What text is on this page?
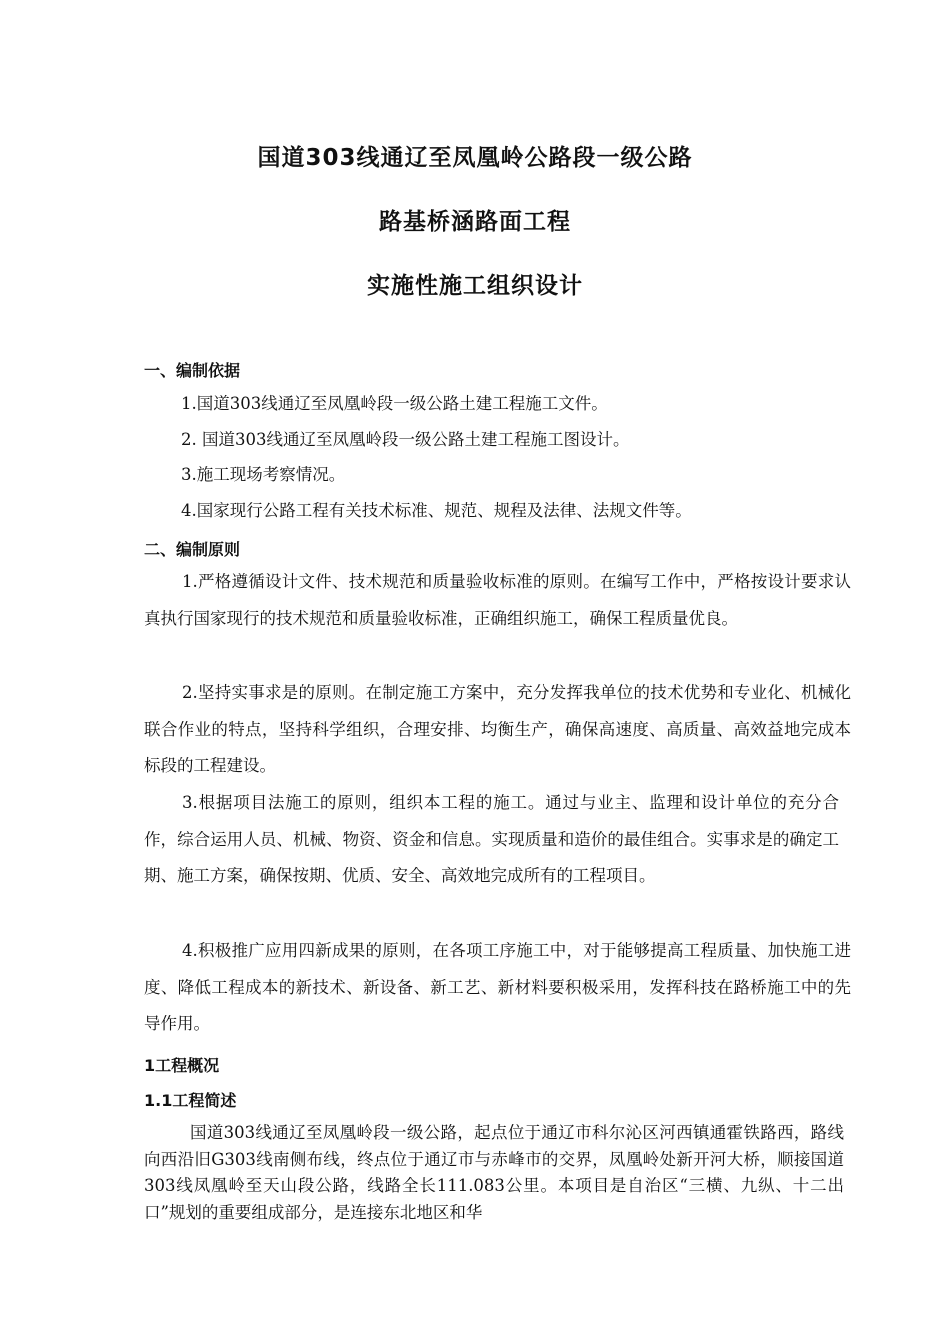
国道303线通辽至凤凰岭公路段一级公路
路基桥涵路面工程
实施性施工组织设计
一、编制依据

1.国道303线通辽至凤凰岭段一级公路土建工程施工文件。

2. 国道303线通辽至凤凰岭段一级公路土建工程施工图设计。

3.施工现场考察情况。

4.国家现行公路工程有关技术标准、规范、规程及法律、法规文件等。

二、编制原则

1.严格遵循设计文件、技术规范和质量验收标准的原则。在编写工作中，严格按设计要求认真执行国家现行的技术规范和质量验收标准，正确组织施工，确保工程质量优良。

2.坚持实事求是的原则。在制定施工方案中，充分发挥我单位的技术优势和专业化、机械化联合作业的特点，坚持科学组织，合理安排、均衡生产，确保高速度、高质量、高效益地完成本标段的工程建设。

3.根据项目法施工的原则，组织本工程的施工。通过与业主、监理和设计单位的充分合作，综合运用人员、机械、物资、资金和信息。实现质量和造价的最佳组合。实事求是的确定工期、施工方案，确保按期、优质、安全、高效地完成所有的工程项目。

4.积极推广应用四新成果的原则，在各项工序施工中，对于能够提高工程质量、加快施工进度、降低工程成本的新技术、新设备、新工艺、新材料要积极采用，发挥科技在路桥施工中的先导作用。

1工程概况
1.1工程简述

国道303线通辽至凤凰岭段一级公路，起点位于通辽市科尔沁区河西镇通霍铁路西，路线向西沿旧G303线南侧布线，终点位于通辽市与赤峰市的交界，凤凰岭处新开河大桥，顺接国道303线凤凰岭至天山段公路，线路全长111.083公里。本项目是自治区“三横、九纵、十二出口”规划的重要组成部分，是连接东北地区和华
